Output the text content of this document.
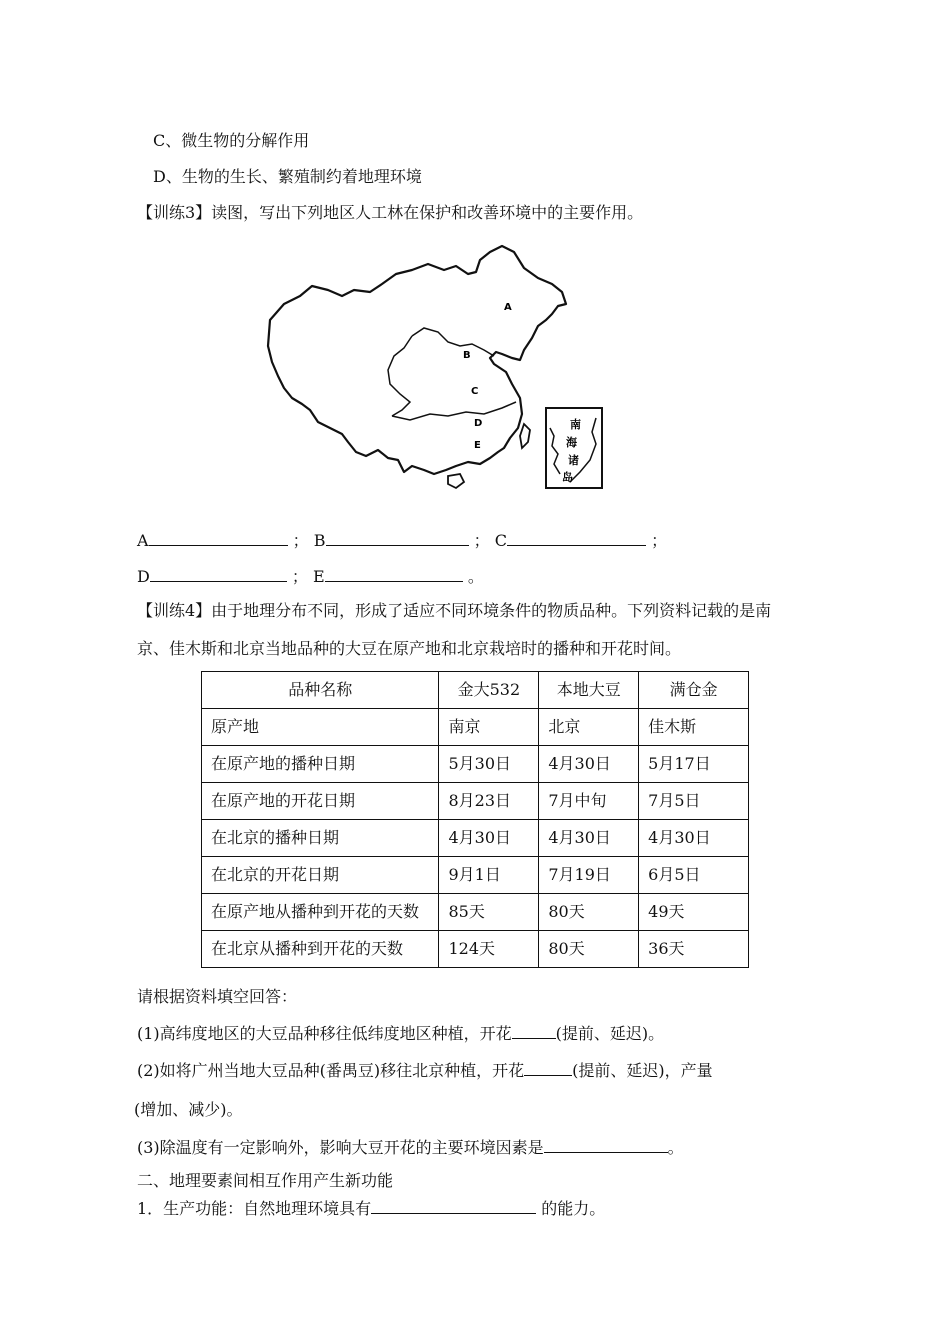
C、微生物的分解作用
D、生物的生长、繁殖制约着地理环境
【训练3】读图，写出下列地区人工林在保护和改善环境中的主要作用。
A
B
C
D
E
南
海
诸
岛
A	； B	； C	；
D	； E	。
【训练4】由于地理分布不同，形成了适应不同环境条件的物质品种。下列资料记载的是南
京、佳木斯和北京当地品种的大豆在原产地和北京栽培时的播种和开花时间。
品种名称	金大532	本地大豆	满仓金
原产地	南京	北京	佳木斯
在原产地的播种日期	5月30日	4月30日	5月17日
在原产地的开花日期	8月23日	7月中旬	7月5日
在北京的播种日期	4月30日	4月30日	4月30日
在北京的开花日期	9月1日	7月19日	6月5日
在原产地从播种到开花的天数	85天	80天	49天
在北京从播种到开花的天数	124天	80天	36天
请根据资料填空回答：
(1)高纬度地区的大豆品种移往低纬度地区种植，开花	(提前、延迟)。
(2)如将广州当地大豆品种(番禺豆)移往北京种植，开花	(提前、延迟)，产量
(增加、减少)。
(3)除温度有一定影响外，影响大豆开花的主要环境因素是	。
二、地理要素间相互作用产生新功能
1．生产功能：自然地理环境具有	的能力。
